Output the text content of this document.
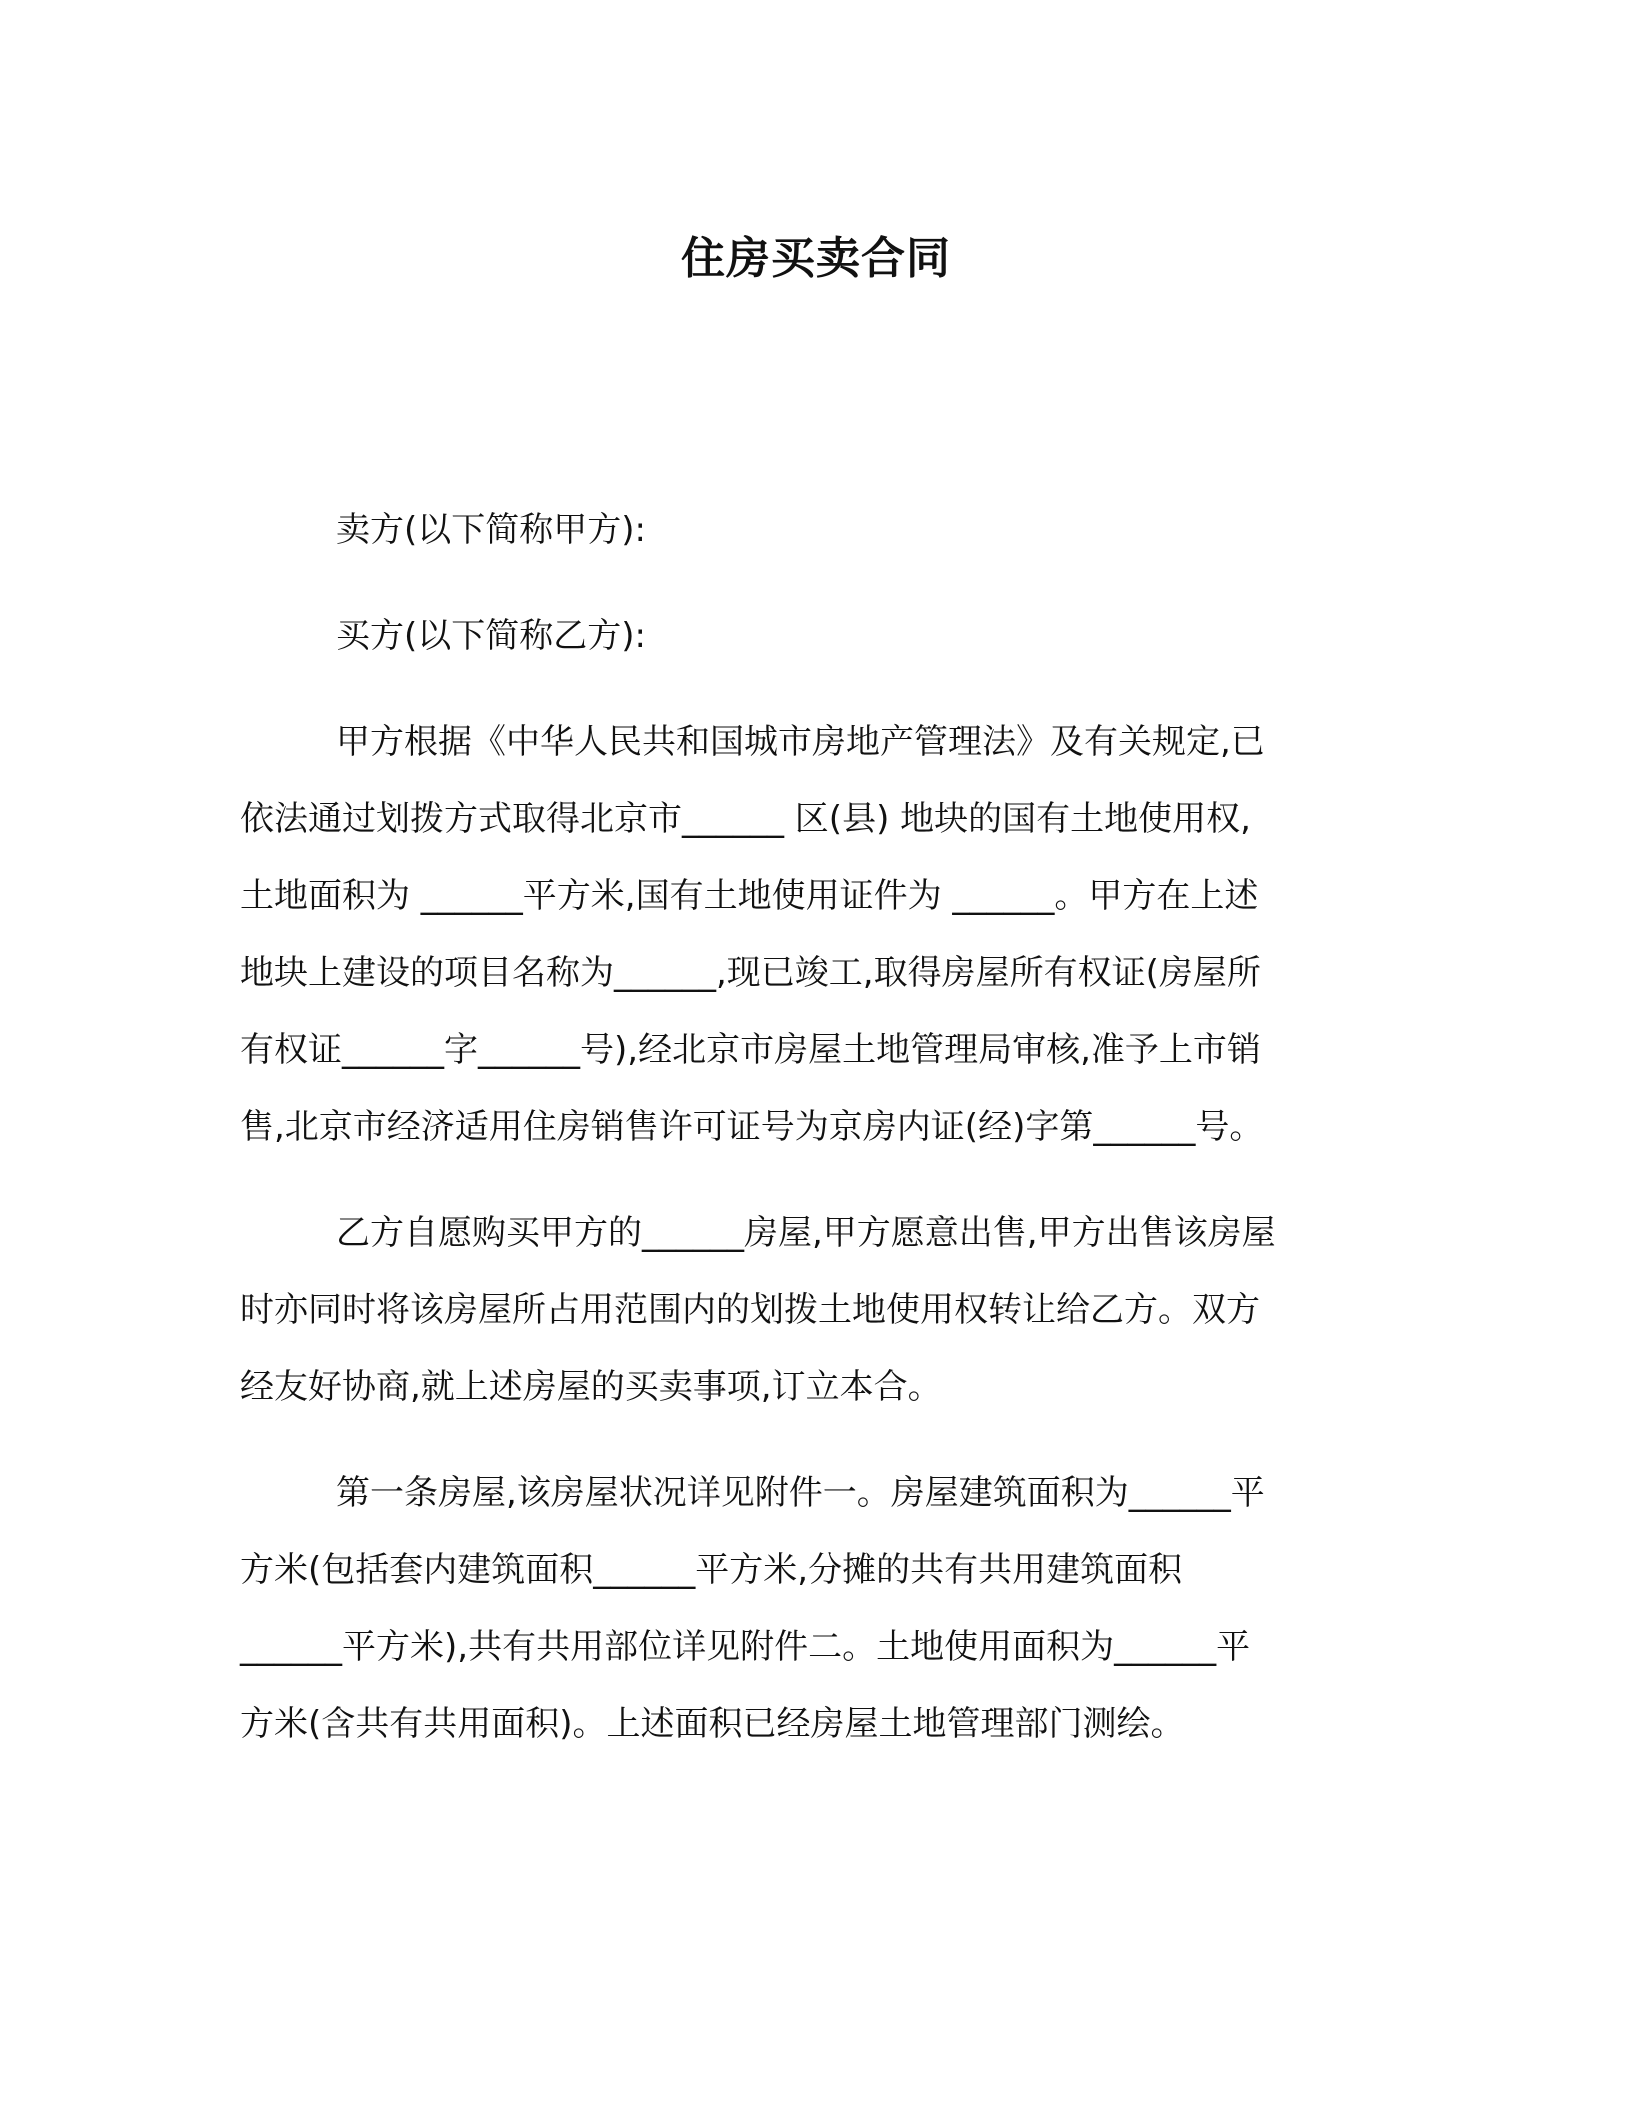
住房买卖合同
卖方(以下简称甲方):
买方(以下简称乙方):
甲方根据《中华人民共和国城市房地产管理法》及有关规定,已
依法通过划拨方式取得北京市______ 区(县) 地块的国有土地使用权,
土地面积为 ______平方米,国有土地使用证件为 ______。甲方在上述
地块上建设的项目名称为______,现已竣工,取得房屋所有权证(房屋所
有权证______字______号),经北京市房屋土地管理局审核,准予上市销
售,北京市经济适用住房销售许可证号为京房内证(经)字第______号。
乙方自愿购买甲方的______房屋,甲方愿意出售,甲方出售该房屋
时亦同时将该房屋所占用范围内的划拨土地使用权转让给乙方。双方
经友好协商,就上述房屋的买卖事项,订立本合。
第一条房屋,该房屋状况详见附件一。房屋建筑面积为______平
方米(包括套内建筑面积______平方米,分摊的共有共用建筑面积
______平方米),共有共用部位详见附件二。土地使用面积为______平
方米(含共有共用面积)。上述面积已经房屋土地管理部门测绘。
